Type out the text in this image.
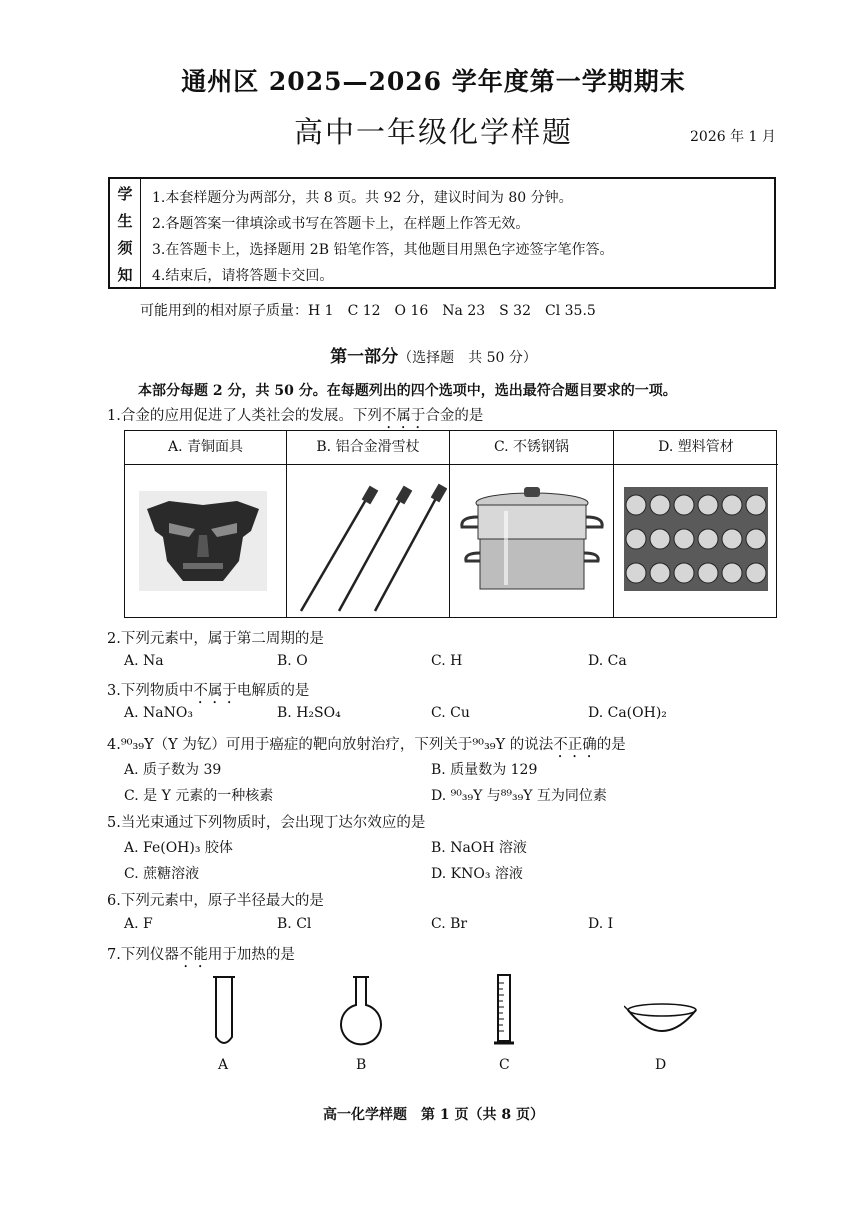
通州区 2025—2026 学年度第一学期期末
高中一年级化学样题	2026 年 1 月
学
生
须
知
1.本套样题分为两部分，共 8 页。共 92 分，建议时间为 80 分钟。
2.各题答案一律填涂或书写在答题卡上，在样题上作答无效。
3.在答题卡上，选择题用 2B 铅笔作答，其他题目用黑色字迹签字笔作答。
4.结束后，请将答题卡交回。
可能用到的相对原子质量：H 1　C 12　O 16　Na 23　S 32　Cl 35.5
第一部分（选择题　共 50 分）
本部分每题 2 分，共 50 分。在每题列出的四个选项中，选出最符合题目要求的一项。
1.合金的应用促进了人类社会的发展。下列不属于合金的是
A. 青铜面具	B. 铝合金滑雪杖	C. 不锈钢锅	D. 塑料管材
2.下列元素中，属于第二周期的是
A. Na	B. O	C. H	D. Ca
3.下列物质中不属于电解质的是
A. NaNO₃	B. H₂SO₄	C. Cu	D. Ca(OH)₂
4.⁹⁰₃₉Y（Y 为钇）可用于癌症的靶向放射治疗，下列关于⁹⁰₃₉Y 的说法不正确的是
A. 质子数为 39	B. 质量数为 129
C. 是 Y 元素的一种核素	D. ⁹⁰₃₉Y 与⁸⁹₃₉Y 互为同位素
5.当光束通过下列物质时，会出现丁达尔效应的是
A. Fe(OH)₃ 胶体	B. NaOH 溶液
C. 蔗糖溶液	D. KNO₃ 溶液
6.下列元素中，原子半径最大的是
A. F	B. Cl	C. Br	D. I
7.下列仪器不能用于加热的是
A	B	C	D
高一化学样题　第 1 页（共 8 页）
